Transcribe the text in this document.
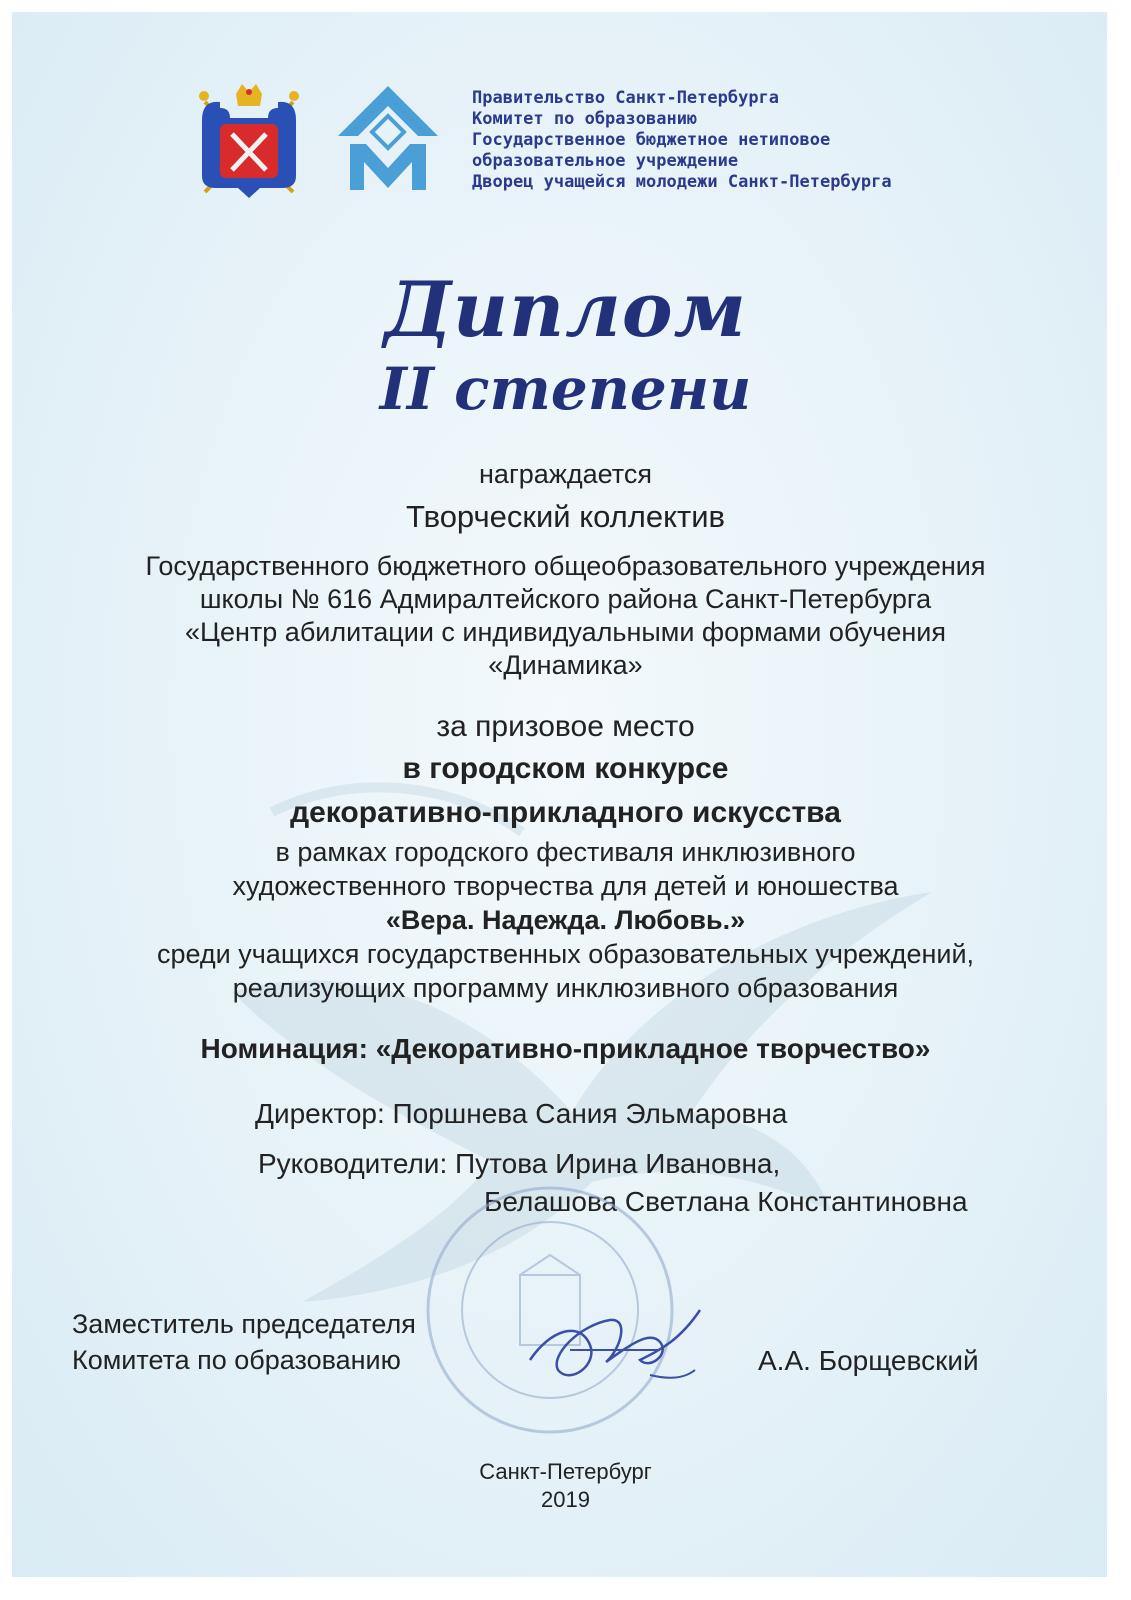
Правительство Санкт-Петербурга
Комитет по образованию
Государственное бюджетное нетиповое
образовательное учреждение
Дворец учащейся молодежи Санкт-Петербурга
Диплом
II степени
награждается
Творческий коллектив
Государственного бюджетного общеобразовательного учреждения
школы № 616 Адмиралтейского района Санкт-Петербурга
«Центр абилитации с индивидуальными формами обучения
«Динамика»
за призовое место
в городском конкурсе
декоративно-прикладного искусства
в рамках городского фестиваля инклюзивного
художественного творчества для детей и юношества
«Вера. Надежда. Любовь.»
среди учащихся государственных образовательных учреждений,
реализующих программу инклюзивного образования
Номинация: «Декоративно-прикладное творчество»
Директор: Поршнева Сания Эльмаровна
Руководители: Путова Ирина Ивановна,
Белашова Светлана Константиновна
Заместитель председателя
Комитета по образованию	А.А. Борщевский
Санкт-Петербург
2019
